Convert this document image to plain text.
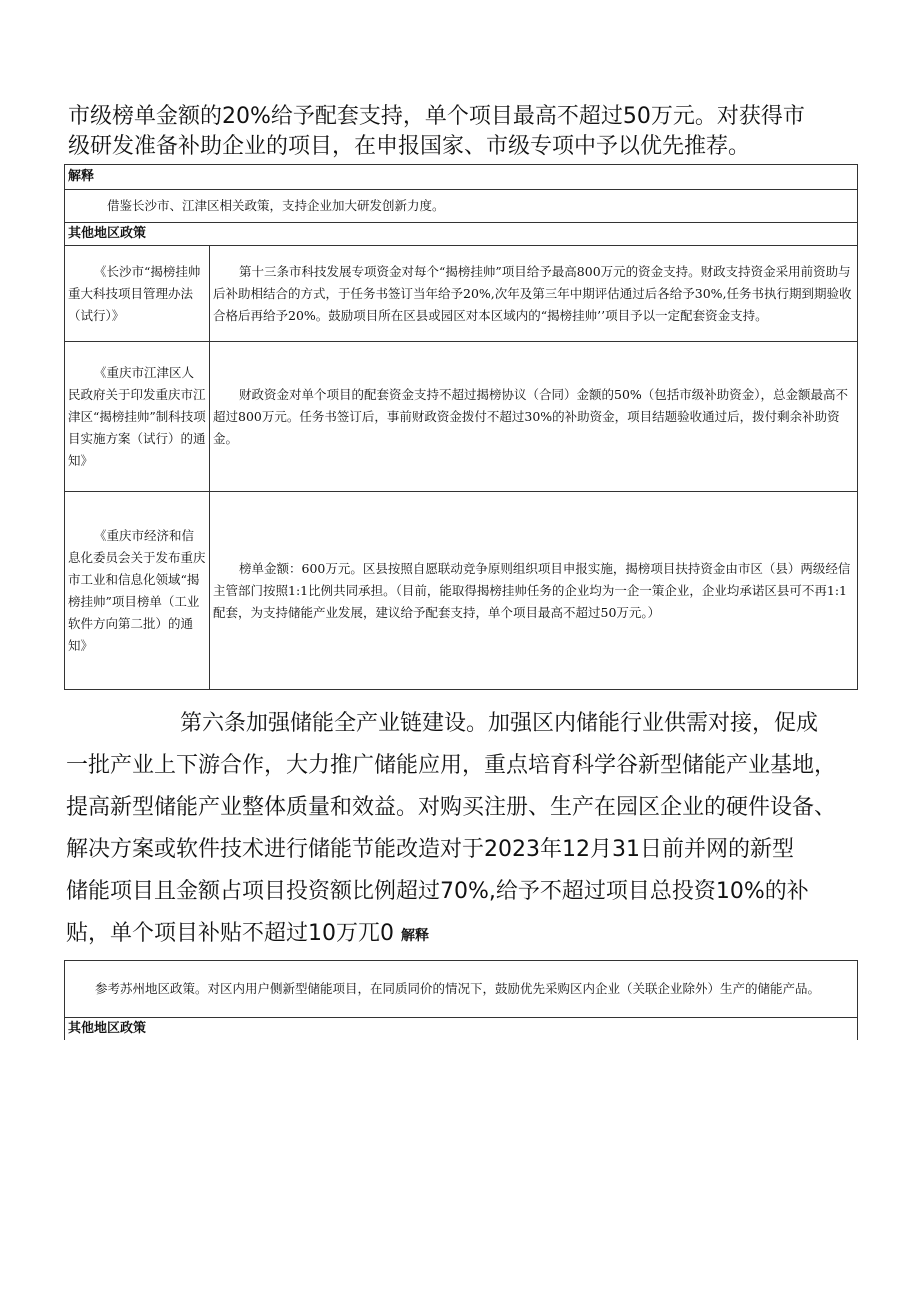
市级榜单金额的20%给予配套支持，单个项目最高不超过50万元。对获得市
级研发准备补助企业的项目，在申报国家、市级专项中予以优先推荐。
解释	
借鉴长沙市、江津区相关政策，支持企业加大研发创新力度。	
其他地区政策	
《长沙市“揭榜挂帅重大科技项目管理办法（试行）》	第十三条市科技发展专项资金对每个“揭榜挂帅”项目给予最高800万元的资金支持。财政支持资金采用前资助与后补助相结合的方式，于任务书签订当年给予20%,次年及第三年中期评估通过后各给予30%,任务书执行期到期验收合格后再给予20%。鼓励项目所在区县或园区对本区域内的“揭榜挂帅’’项目予以一定配套资金支持。
《重庆市江津区人民政府关于印发重庆市江津区“揭榜挂帅”制科技项目实施方案（试行）的通知》	财政资金对单个项目的配套资金支持不超过揭榜协议（合同）金额的50%（包括市级补助资金），总金额最高不超过800万元。任务书签订后，事前财政资金拨付不超过30%的补助资金，项目结题验收通过后，拨付剩余补助资金。
《重庆市经济和信息化委员会关于发布重庆市工业和信息化领域“揭榜挂帅”项目榜单（工业软件方向第二批）的通知》	榜单金额：600万元。区县按照自愿联动竞争原则组织项目申报实施，揭榜项目扶持资金由市区（县）两级经信主管部门按照1:1比例共同承担。（目前，能取得揭榜挂帅任务的企业均为一企一策企业，企业均承诺区县可不再1:1配套，为支持储能产业发展，建议给予配套支持，单个项目最高不超过50万元。）
第六条加强储能全产业链建设。加强区内储能行业供需对接，促成
一批产业上下游合作，大力推广储能应用，重点培育科学谷新型储能产业基地，
提高新型储能产业整体质量和效益。对购买注册、生产在园区企业的硬件设备、
解决方案或软件技术进行储能节能改造对于2023年12月31日前并网的新型
储能项目且金额占项目投资额比例超过70%,给予不超过项目总投资10%的补
贴，单个项目补贴不超过10万兀0 解释
参考苏州地区政策。对区内用户侧新型储能项目，在同质同价的情况下，鼓励优先采购区内企业（关联企业除外）生产的储能产品。
其他地区政策
